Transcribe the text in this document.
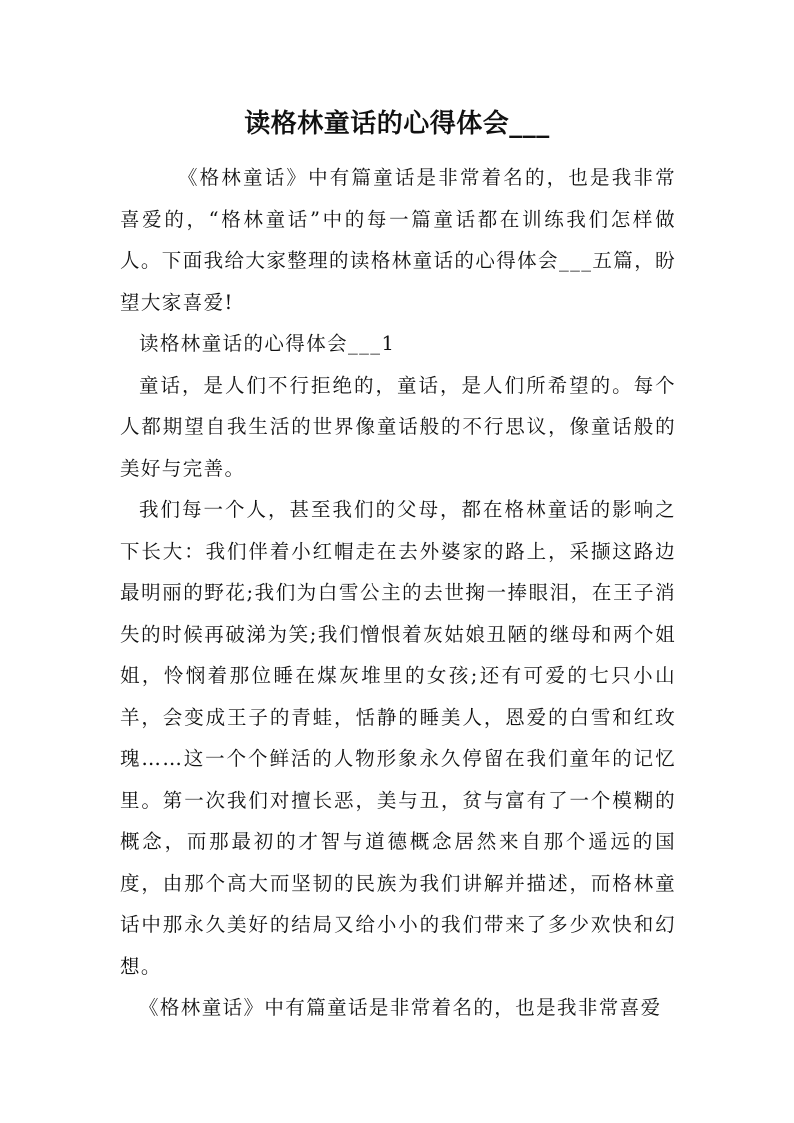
读格林童话的心得体会___

《格林童话》中有篇童话是非常着名的，也是我非常喜爱的，“格林童话”中的每一篇童话都在训练我们怎样做人。下面我给大家整理的读格林童话的心得体会___五篇，盼望大家喜爱!

读格林童话的心得体会___1

童话，是人们不行拒绝的，童话，是人们所希望的。每个人都期望自我生活的世界像童话般的不行思议，像童话般的美好与完善。

我们每一个人，甚至我们的父母，都在格林童话的影响之下长大：我们伴着小红帽走在去外婆家的路上，采撷这路边最明丽的野花;我们为白雪公主的去世掬一捧眼泪，在王子消失的时候再破涕为笑;我们憎恨着灰姑娘丑陋的继母和两个姐姐，怜悯着那位睡在煤灰堆里的女孩;还有可爱的七只小山羊，会变成王子的青蛙，恬静的睡美人，恩爱的白雪和红玫瑰……这一个个鲜活的人物形象永久停留在我们童年的记忆里。第一次我们对擅长恶，美与丑，贫与富有了一个模糊的概念，而那最初的才智与道德概念居然来自那个遥远的国度，由那个高大而坚韧的民族为我们讲解并描述，而格林童话中那永久美好的结局又给小小的我们带来了多少欢快和幻想。

《格林童话》中有篇童话是非常着名的，也是我非常喜爱
